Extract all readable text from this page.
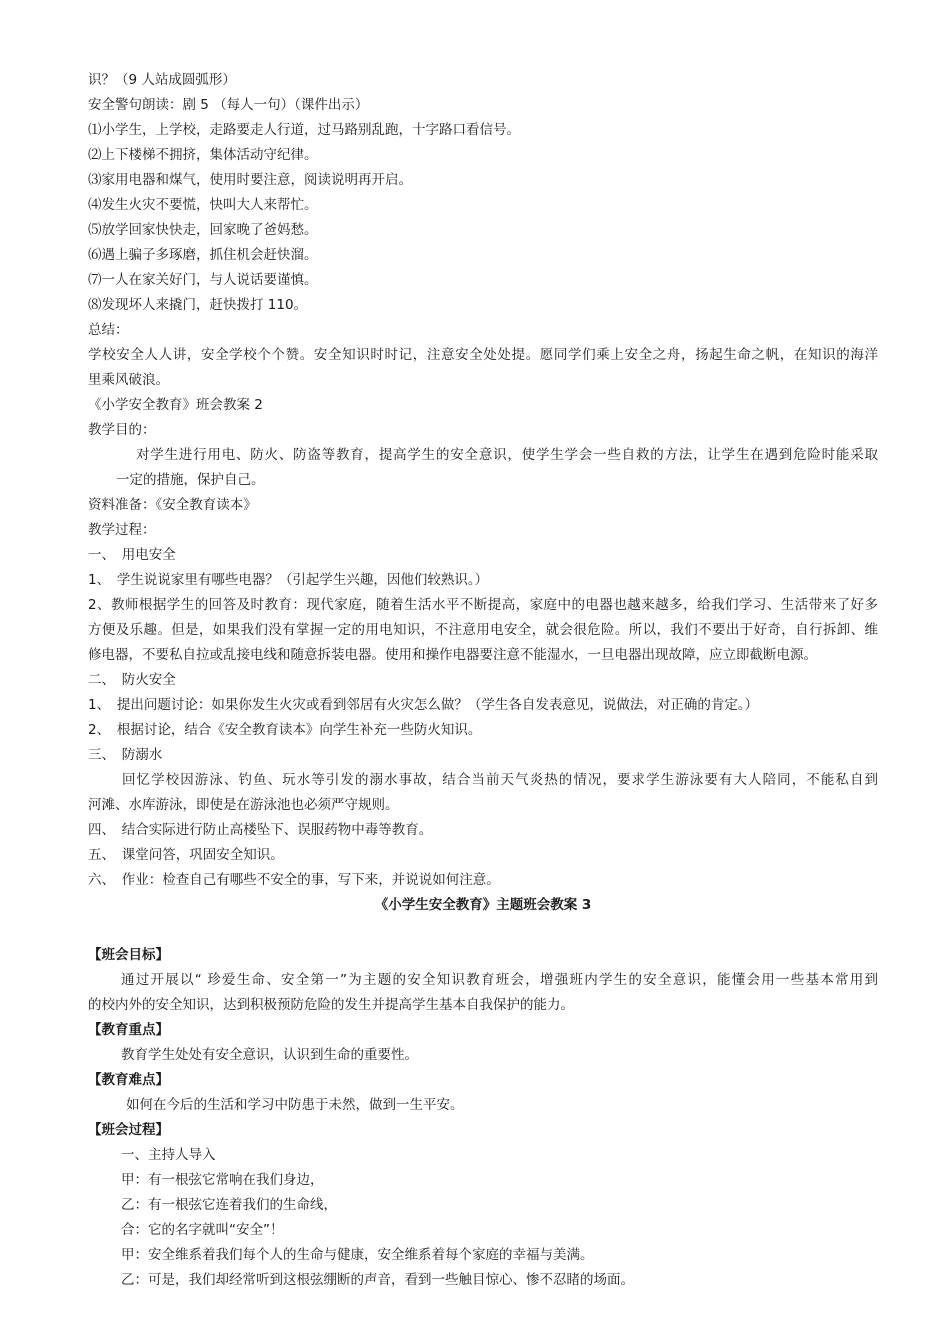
识？（9 人站成圆弧形）
安全警句朗读：剧 5 （每人一句）（课件出示）
⑴小学生，上学校，走路要走人行道，过马路别乱跑，十字路口看信号。
⑵上下楼梯不拥挤，集体活动守纪律。
⑶家用电器和煤气，使用时要注意，阅读说明再开启。
⑷发生火灾不要慌，快叫大人来帮忙。
⑸放学回家快快走，回家晚了爸妈愁。
⑹遇上骗子多琢磨，抓住机会赶快溜。
⑺一人在家关好门，与人说话要谨慎。
⑻发现坏人来撬门，赶快拨打 110。
总结：
学校安全人人讲，安全学校个个赞。安全知识时时记，注意安全处处提。愿同学们乘上安全之舟，扬起生命之帆，在知识的海洋
里乘风破浪。
《小学安全教育》班会教案 2
教学目的：
对学生进行用电、防火、防盗等教育，提高学生的安全意识，使学生学会一些自救的方法，让学生在遇到危险时能采取
一定的措施，保护自己。
资料准备：《安全教育读本》
教学过程：
一、　用电安全
1、　学生说说家里有哪些电器？（引起学生兴趣，因他们较熟识。）
2、教师根据学生的回答及时教育：现代家庭，随着生活水平不断提高，家庭中的电器也越来越多，给我们学习、生活带来了好多
方便及乐趣。但是，如果我们没有掌握一定的用电知识，不注意用电安全，就会很危险。所以，我们不要出于好奇，自行拆卸、维
修电器，不要私自拉或乱接电线和随意拆装电器。使用和操作电器要注意不能湿水，一旦电器出现故障，应立即截断电源。
二、　防火安全
1、　提出问题讨论：如果你发生火灾或看到邻居有火灾怎么做？（学生各自发表意见，说做法，对正确的肯定。）
2、　根据讨论，结合《安全教育读本》向学生补充一些防火知识。
三、　防溺水
回忆学校因游泳、钓鱼、玩水等引发的溺水事故，结合当前天气炎热的情况，要求学生游泳要有大人陪同，不能私自到
河滩、水库游泳，即使是在游泳池也必须严守规则。
四、　结合实际进行防止高楼坠下、误服药物中毒等教育。
五、　课堂问答，巩固安全知识。
六、　作业：检查自己有哪些不安全的事，写下来，并说说如何注意。
《小学生安全教育》主题班会教案 3
【班会目标】
通过开展以“ 珍爱生命、安全第一”为主题的安全知识教育班会，增强班内学生的安全意识，能懂会用一些基本常用到
的校内外的安全知识，达到积极预防危险的发生并提高学生基本自我保护的能力。
【教育重点】
教育学生处处有安全意识，认识到生命的重要性。
【教育难点】
如何在今后的生活和学习中防患于未然，做到一生平安。
【班会过程】
一、主持人导入
甲：有一根弦它常响在我们身边，
乙：有一根弦它连着我们的生命线，
合：它的名字就叫“安全”！
甲：安全维系着我们每个人的生命与健康，安全维系着每个家庭的幸福与美满。
乙：可是，我们却经常听到这根弦绷断的声音，看到一些触目惊心、惨不忍睹的场面。
